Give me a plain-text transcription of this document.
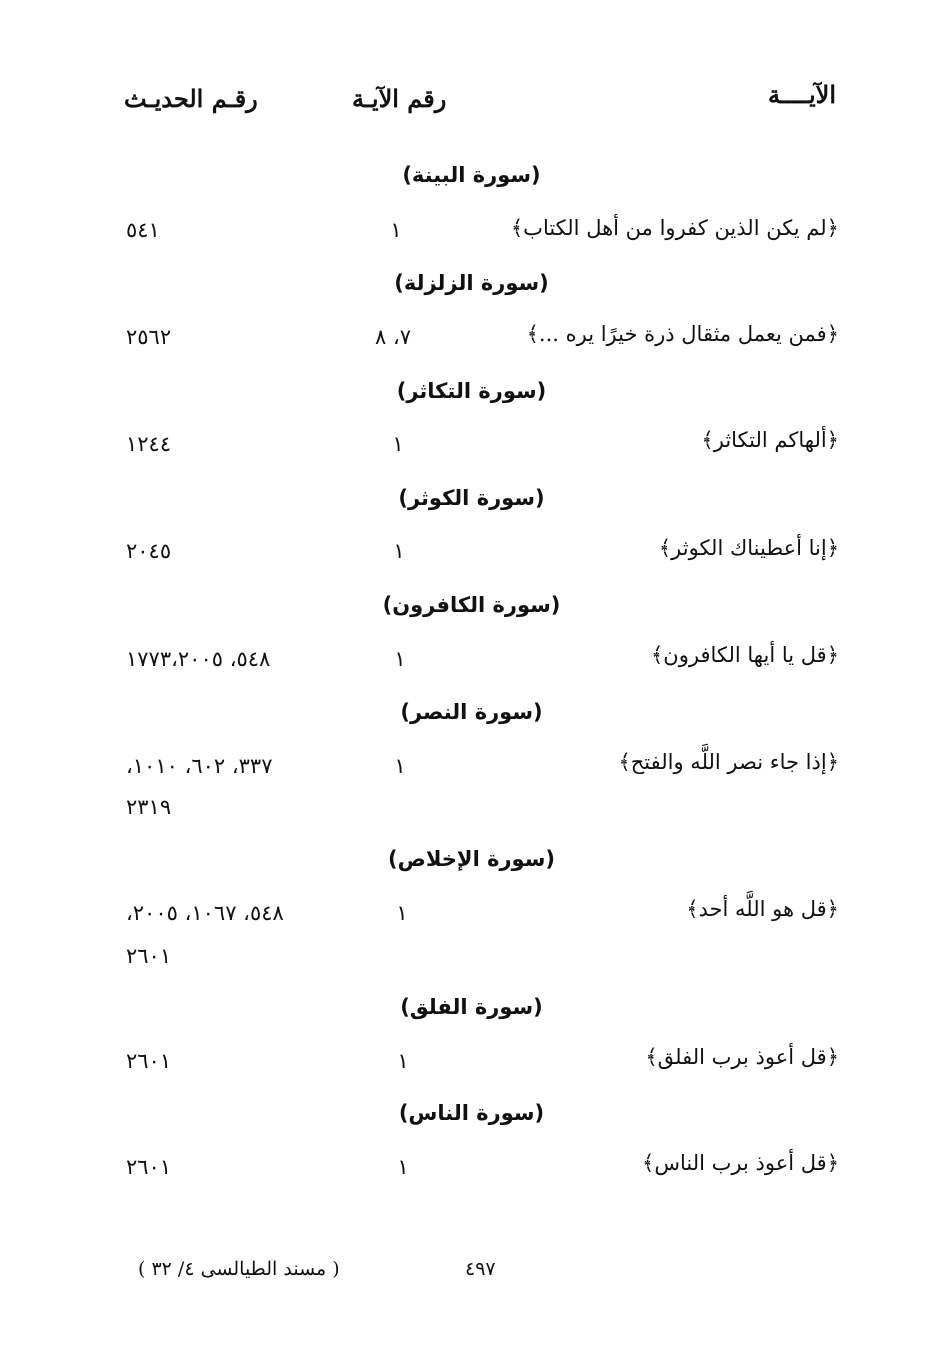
الآيــــة
رقم الآيـة
رقـم الحديـث
(سورة البينة)
﴿لم يكن الذين كفروا من أهل الكتاب﴾
١
٥٤١
(سورة الزلزلة)
﴿فمن يعمل مثقال ذرة خيرًا يره ...﴾
٧، ٨
٢٥٦٢
(سورة التكاثر)
﴿ألهاكم التكاثر﴾
١
١٢٤٤
(سورة الكوثر)
﴿إنا أعطيناك الكوثر﴾
١
٢٠٤٥
(سورة الكافرون)
﴿قل يا أيها الكافرون﴾
١
٥٤٨، ١٧٧٣،٢٠٠٥
(سورة النصر)
﴿إذا جاء نصر اللَّه والفتح﴾
١
٣٣٧، ٦٠٢، ١٠١٠،
٢٣١٩
(سورة الإخلاص)
﴿قل هو اللَّه أحد﴾
١
٥٤٨، ١٠٦٧، ٢٠٠٥،
٢٦٠١
(سورة الفلق)
﴿قل أعوذ برب الفلق﴾
١
٢٦٠١
(سورة الناس)
﴿قل أعوذ برب الناس﴾
١
٢٦٠١
٤٩٧
( مسند الطيالسى ٤/ ٣٢ )
